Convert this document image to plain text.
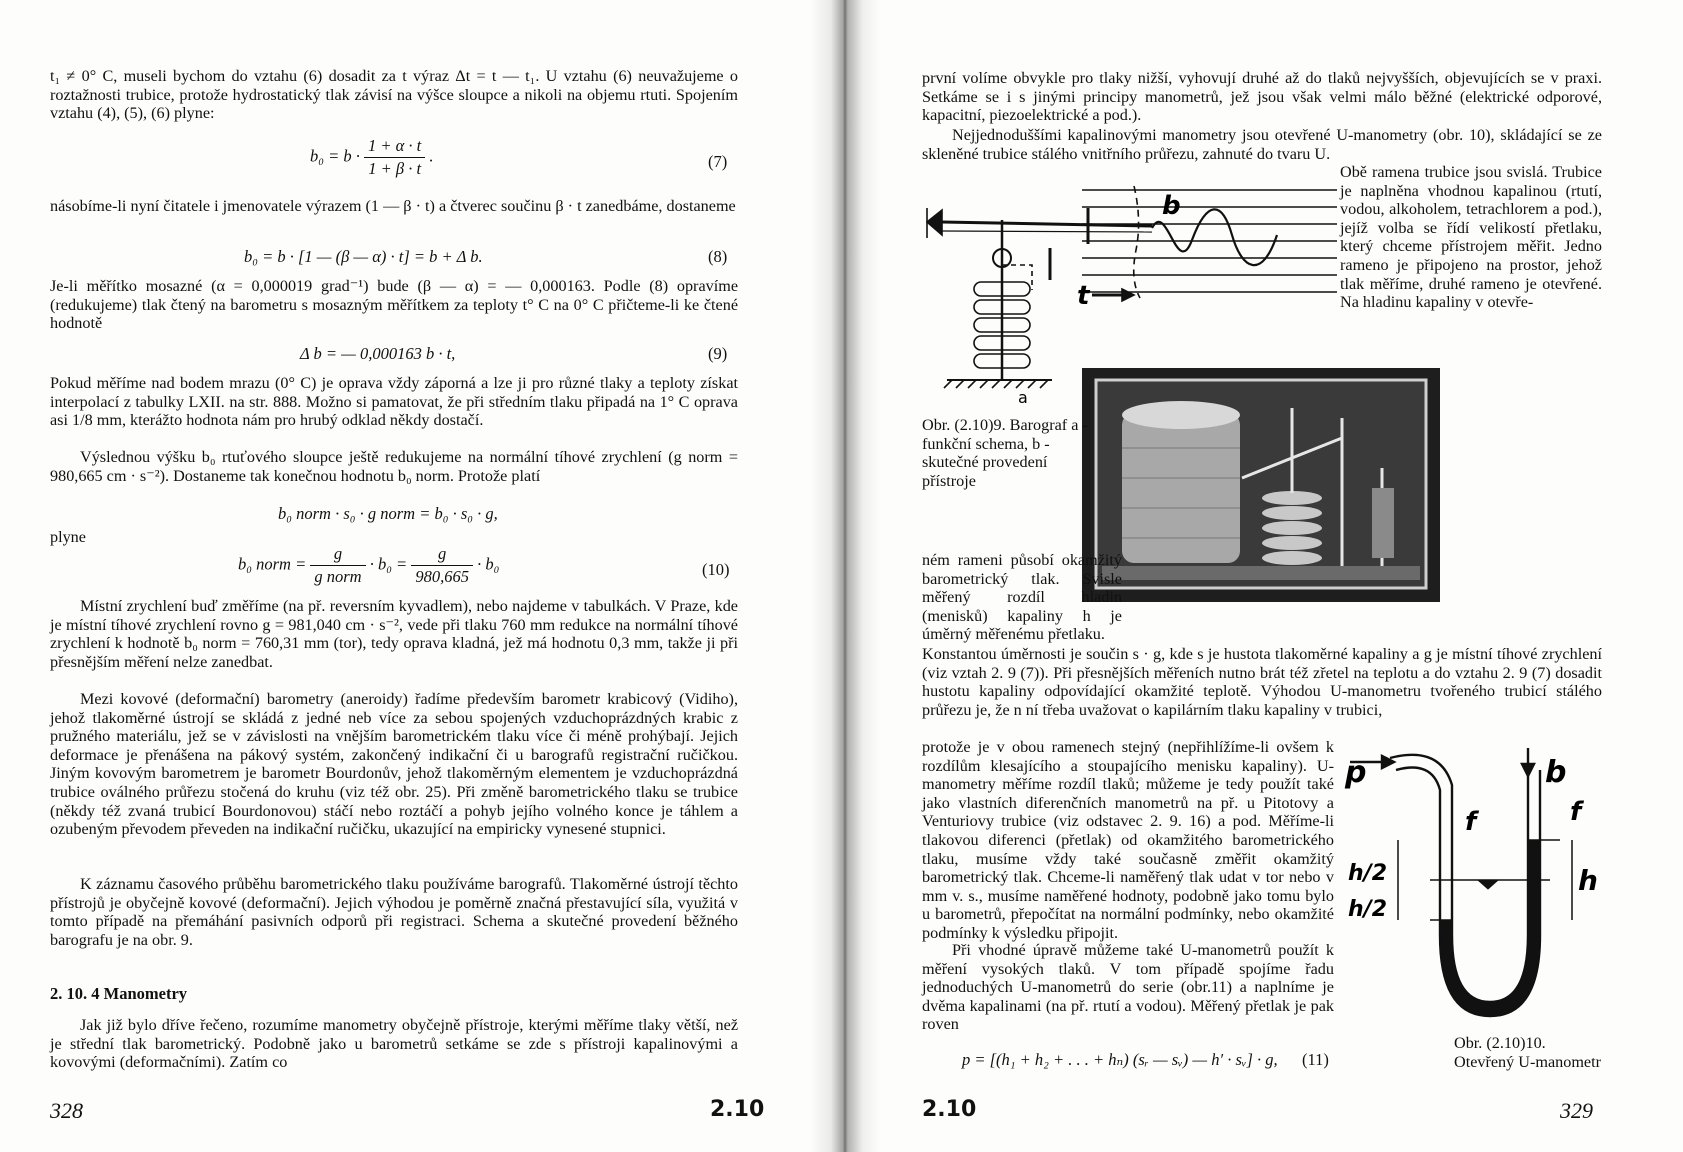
t₁ ≠ 0° C, museli bychom do vztahu (6) dosadit za t výraz Δt = t — t₁. U vztahu (6) neuvažujeme o roztažnosti trubice, protože hydrostatický tlak závisí na výšce sloupce a nikoli na objemu rtuti. Spojením vztahu (4), (5), (6) plyne:

$b_0 = b \cdot \frac{1 + \alpha \cdot t}{1 + \beta \cdot t}$ .	(7)

násobíme-li nyní čitatele i jmenovatele výrazem (1 — β · t) a čtverec součinu β · t zanedbáme, dostaneme

b₀ = b · [1 — (β — α) · t] = b + Δ b.	(8)

Je-li měřítko mosazné (α = 0,000019 grad⁻¹) bude (β — α) = — 0,000163. Podle (8) opravíme (redukujeme) tlak čtený na barometru s mosazným měřítkem za teploty t° C na 0° C přičteme-li ke čtené hodnotě

Δ b = — 0,000163 b · t,	(9)

Pokud měříme nad bodem mrazu (0° C) je oprava vždy záporná a lze ji pro různé tlaky a teploty získat interpolací z tabulky LXII. na str. 888. Možno si pamatovat, že při středním tlaku připadá na 1° C oprava asi 1/8 mm, kterážto hodnota nám pro hrubý odklad někdy dostačí.

Výslednou výšku b₀ rtuťového sloupce ještě redukujeme na normální tíhové zrychlení (g norm = 980,665 cm · s⁻²). Dostaneme tak konečnou hodnotu b₀ norm. Protože platí

b₀ norm · s₀ · g norm = b₀ · s₀ · g,

plyne

b₀ norm = $\frac{g}{\text{g norm}} \cdot b_0 = \frac{g}{980,665} \cdot b_0$	(10)

Místní zrychlení buď změříme (na př. reversním kyvadlem), nebo najdeme v tabulkách. V Praze, kde je místní tíhové zrychlení rovno g = 981,040 cm · s⁻², vede při tlaku 760 mm redukce na normální tíhové zrychlení k hodnotě b₀ norm = 760,31 mm (tor), tedy oprava kladná, jež má hodnotu 0,3 mm, takže ji při přesnějším měření nelze zanedbat.

Mezi kovové (deformační) barometry (aneroidy) řadíme především barometr krabicový (Vidiho), jehož tlakoměrné ústrojí se skládá z jedné neb více za sebou spojených vzduchoprázdných krabic z pružného materiálu, jež se v závislosti na vnějším barometrickém tlaku více či méně prohýbají. Jejich deformace je přenášena na pákový systém, zakončený indikační či u barografů registrační ručičkou. Jiným kovovým barometrem je barometr Bourdonův, jehož tlakoměrným elementem je vzduchoprázdná trubice oválného průřezu stočená do kruhu (viz též obr. 25). Při změně barometrického tlaku se trubice (někdy též zvaná trubicí Bourdonovou) stáčí nebo roztáčí a pohyb jejího volného konce je táhlem a ozubeným převodem převeden na indikační ručičku, ukazující na empiricky vynesené stupnici.

K záznamu časového průběhu barometrického tlaku používáme barografů. Tlakoměrné ústrojí těchto přístrojů je obyčejně kovové (deformační). Jejich výhodou je poměrně značná přestavující síla, využitá v tomto případě na přemáhání pasivních odporů při registraci. Schema a skutečné provedení běžného barografu je na obr. 9.

2. 10. 4 Manometry

Jak již bylo dříve řečeno, rozumíme manometry obyčejně přístroje, kterými měříme tlaky větší, než je střední tlak barometrický. Podobně jako u barometrů setkáme se zde s přístroji kapalinovými a kovovými (deformačními). Zatím co

328	2.10

první volíme obvykle pro tlaky nižší, vyhovují druhé až do tlaků nejvyšších, objevujících se v praxi. Setkáme se i s jinými principy manometrů, jež jsou však velmi málo běžné (elektrické odporové, kapacitní, piezoelektrické a pod.).

Nejjednoduššími kapalinovými manometry jsou otevřené U-manometry (obr. 10), skládající se ze skleněné trubice stálého vnitřního průřezu, zahnuté do tvaru U.

Obě ramena trubice jsou svislá. Trubice je naplněna vhodnou kapalinou (rtutí, vodou, alkoholem, tetrachlorem a pod.), jejíž volba se řídí velikostí přetlaku, který chceme přístrojem měřit. Jedno rameno je připojeno na prostor, jehož tlak měříme, druhé rameno je otevřené. Na hladinu kapaliny v otevře-

b
t
a
Obr. (2.10)9. Barograf a - funkční schema, b - skutečné provedení přístroje

ném rameni působí okamžitý barometrický tlak. Svisle měřený rozdíl hladin (menisků) kapaliny h je úměrný měřenému přetlaku.

Konstantou úměrnosti je součin s · g, kde s je hustota tlakoměrné kapaliny a g je místní tíhové zrychlení (viz vztah 2. 9 (7)). Při přesnějších měřeních nutno brát též zřetel na teplotu a do vztahu 2. 9 (7) dosadit hustotu kapaliny odpovídající okamžité teplotě. Výhodou U-manometru tvořeného trubicí stálého průřezu je, že n ní třeba uvažovat o kapilárním tlaku kapaliny v trubici,

protože je v obou ramenech stejný (nepřihlížíme-li ovšem k rozdílům klesajícího a stoupajícího menisku kapaliny). U-manometry měříme rozdíl tlaků; můžeme je tedy použít také jako vlastních diferenčních manometrů na př. u Pitotovy a Venturiovy trubice (viz odstavec 2. 9. 16) a pod. Měříme-li tlakovou diferenci (přetlak) od okamžitého barometrického tlaku, musíme vždy také současně změřit okamžitý barometrický tlak. Chceme-li naměřený tlak udat v tor nebo v mm v. s., musíme naměřené hodnoty, podobně jako tomu bylo u barometrů, přepočítat na normální podmínky, nebo okamžité podmínky k výsledku připojit.

Při vhodné úpravě můžeme také U-manometrů použít k měření vysokých tlaků. V tom případě spojíme řadu jednoduchých U-manometrů do serie (obr.11) a naplníme je dvěma kapalinami (na př. rtutí a vodou). Měřený přetlak je pak roven

p = [(h₁ + h₂ + . . . + hₙ) (sᵣ — sᵥ) — h′ · sᵥ] · g, (11)
p	b
f	f
h/2
h/2
h
Obr. (2.10)10. Otevřený U-manometr
2.10	329
